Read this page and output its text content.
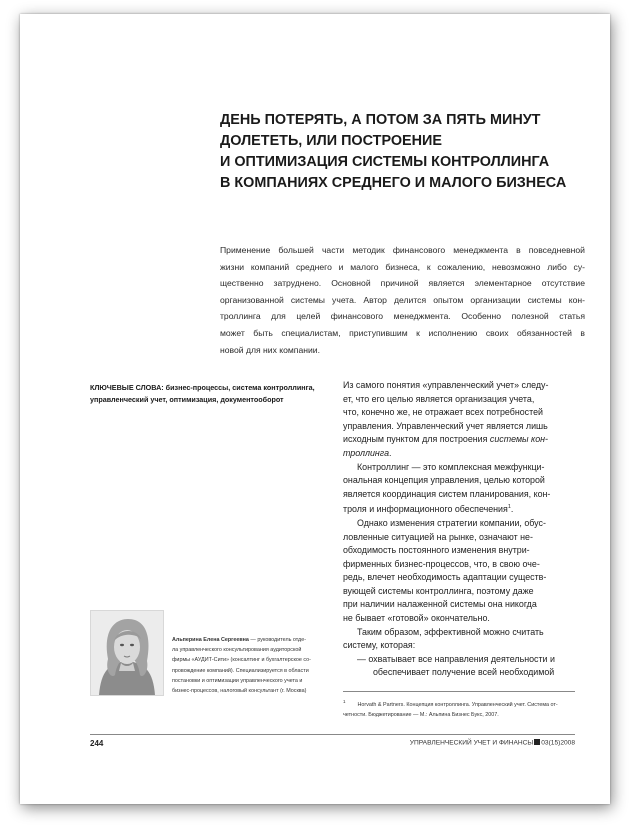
ДЕНЬ ПОТЕРЯТЬ, А ПОТОМ ЗА ПЯТЬ МИНУТ
ДОЛЕТЕТЬ, ИЛИ ПОСТРОЕНИЕ
И ОПТИМИЗАЦИЯ СИСТЕМЫ КОНТРОЛЛИНГА
В КОМПАНИЯХ СРЕДНЕГО И МАЛОГО БИЗНЕСА
Применение большей части методик финансового менеджмента в повседневной
жизни компаний среднего и малого бизнеса, к сожалению, невозможно либо су-
щественно затруднено. Основной причиной является элементарное отсутствие
организованной системы учета. Автор делится опытом организации системы кон-
троллинга для целей финансового менеджмента. Особенно полезной статья
может быть специалистам, приступившим к исполнению своих обязанностей в
новой для них компании.
КЛЮЧЕВЫЕ СЛОВА: бизнес-процессы, система контроллинга,
управленческий учет, оптимизация, документооборот
Из самого понятия «управленческий учет» следу-
ет, что его целью является организация учета,
что, конечно же, не отражает всех потребностей
управления. Управленческий учет является лишь
исходным пунктом для построения системы кон-
троллинга.
Контроллинг — это комплексная межфункци-
ональная концепция управления, целью которой
является координация систем планирования, кон-
троля и информационного обеспечения$^1$.
Однако изменения стратегии компании, обус-
ловленные ситуацией на рынке, означают не-
обходимость постоянного изменения внутри-
фирменных бизнес-процессов, что, в свою оче-
редь, влечет необходимость адаптации существ-
вующей системы контроллинга, поэтому даже
при наличии налаженной системы она никогда
не бывает «готовой» окончательно.
Таким образом, эффективной можно считать
систему, которая:
— охватывает все направления деятельности и
обеспечивает получение всей необходимой
Альперина Елена Сергеевна — руководитель отде-
ла управленческого консультирования аудиторской
фирмы «АУДИТ-Сити» (консалтинг и бухгалтерское со-
провождение компаний). Специализируется в области
постановки и оптимизации управленческого учета и
бизнес-процессов, налоговый консультант (г. Москва)
$^1$Horvath & Partners. Концепция контроллинга. Управленческий учет. Система от-
четности. Бюджетирование — М.: Альпина Бизнес Букс, 2007.
244	УПРАВЛЕНЧЕСКИЙ УЧЕТ И ФИНАНСЫ 03(15)2008
